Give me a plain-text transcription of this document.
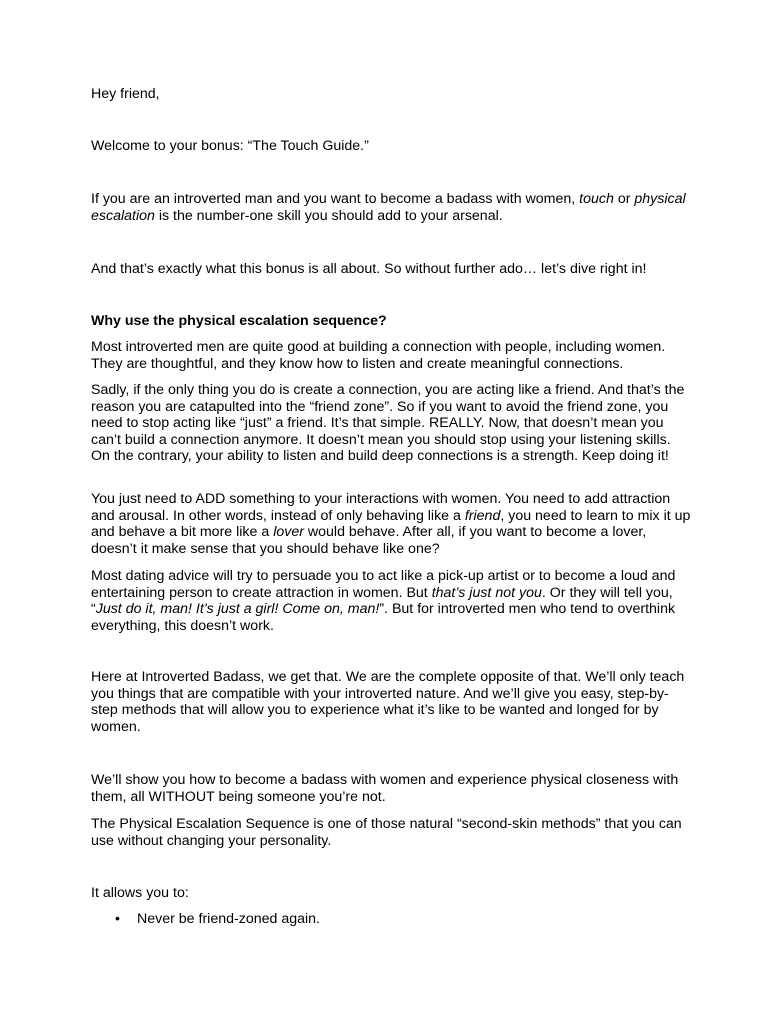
Hey friend,

Welcome to your bonus: “The Touch Guide.”

If you are an introverted man and you want to become a badass with women, touch or physical escalation is the number-one skill you should add to your arsenal.

And that’s exactly what this bonus is all about. So without further ado… let’s dive right in!

Why use the physical escalation sequence?

Most introverted men are quite good at building a connection with people, including women. They are thoughtful, and they know how to listen and create meaningful connections.

Sadly, if the only thing you do is create a connection, you are acting like a friend. And that’s the reason you are catapulted into the “friend zone”. So if you want to avoid the friend zone, you need to stop acting like “just” a friend. It’s that simple. REALLY. Now, that doesn’t mean you can’t build a connection anymore. It doesn’t mean you should stop using your listening skills. On the contrary, your ability to listen and build deep connections is a strength. Keep doing it!

You just need to ADD something to your interactions with women. You need to add attraction and arousal. In other words, instead of only behaving like a friend, you need to learn to mix it up and behave a bit more like a lover would behave. After all, if you want to become a lover, doesn’t it make sense that you should behave like one?

Most dating advice will try to persuade you to act like a pick-up artist or to become a loud and entertaining person to create attraction in women. But that’s just not you. Or they will tell you, “Just do it, man! It’s just a girl! Come on, man!”. But for introverted men who tend to overthink everything, this doesn’t work.

Here at Introverted Badass, we get that. We are the complete opposite of that. We’ll only teach you things that are compatible with your introverted nature. And we’ll give you easy, step-by-step methods that will allow you to experience what it’s like to be wanted and longed for by women.

We’ll show you how to become a badass with women and experience physical closeness with them, all WITHOUT being someone you’re not.

The Physical Escalation Sequence is one of those natural “second-skin methods” that you can use without changing your personality.

It allows you to:

• Never be friend-zoned again.
